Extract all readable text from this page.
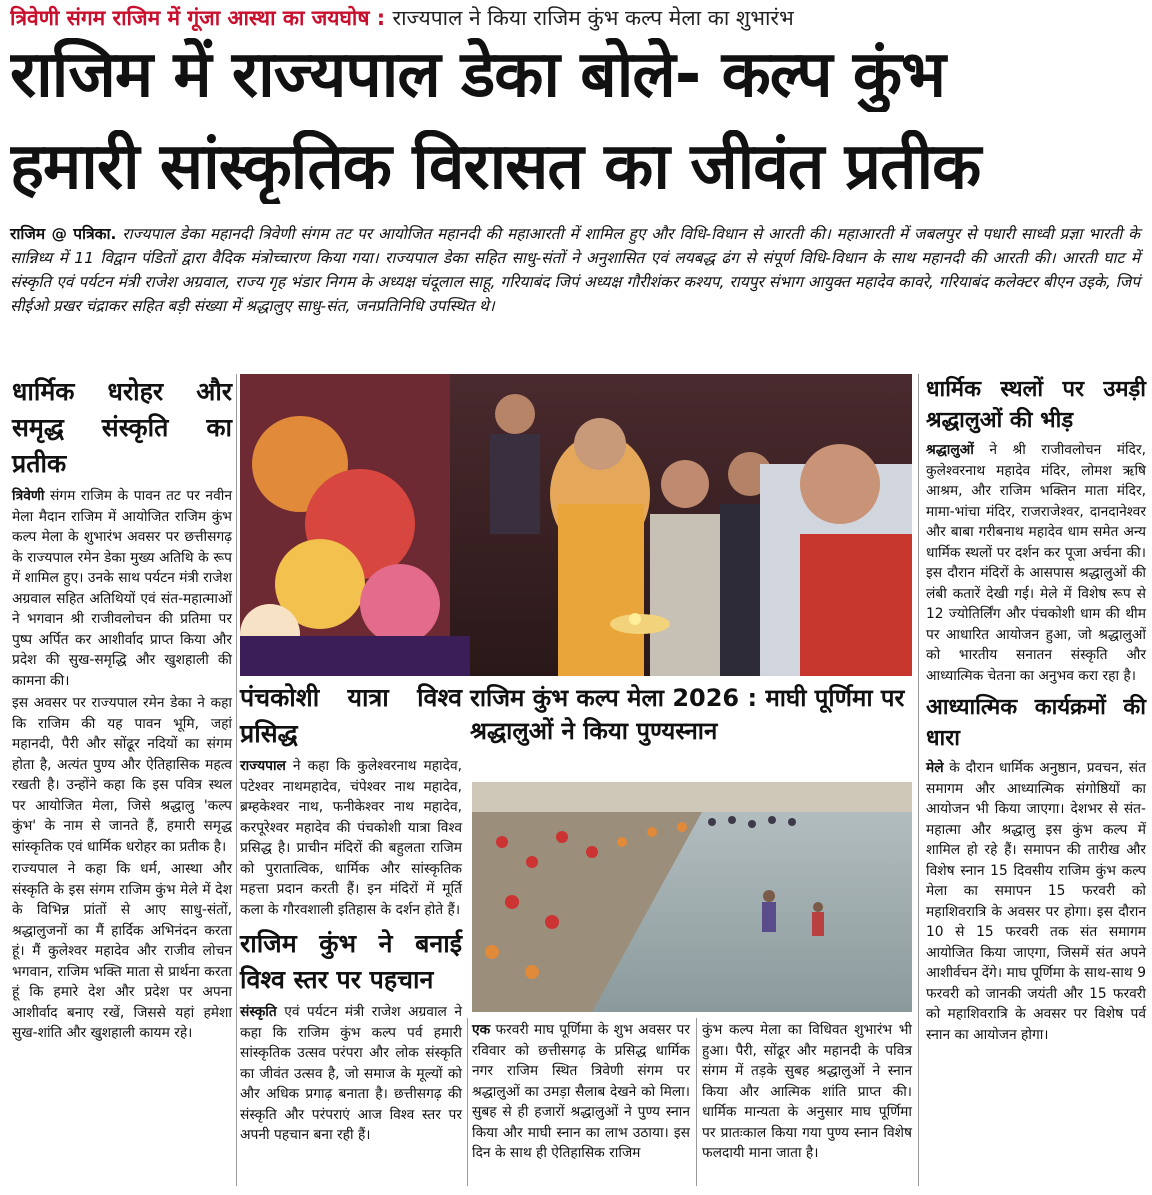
त्रिवेणी संगम राजिम में गूंजा आस्था का जयघोष : राज्यपाल ने किया राजिम कुंभ कल्प मेला का शुभारंभ
राजिम में राज्यपाल डेका बोले- कल्प कुंभ
हमारी सांस्कृतिक विरासत का जीवंत प्रतीक
राजिम @ पत्रिका. राज्यपाल डेका महानदी त्रिवेणी संगम तट पर आयोजित महानदी की महाआरती में शामिल हुए और विधि-विधान से आरती की। महाआरती में जबलपुर से पधारी साध्वी प्रज्ञा भारती के सान्निध्य में 11 विद्वान पंडितों द्वारा वैदिक मंत्रोच्चारण किया गया। राज्यपाल डेका सहित साधु-संतों ने अनुशासित एवं लयबद्ध ढंग से संपूर्ण विधि-विधान के साथ महानदी की आरती की। आरती घाट में संस्कृति एवं पर्यटन मंत्री राजेश अग्रवाल, राज्य गृह भंडार निगम के अध्यक्ष चंदूलाल साहू, गरियाबंद जिपं अध्यक्ष गौरीशंकर कश्यप, रायपुर संभाग आयुक्त महादेव कावरे, गरियाबंद कलेक्टर बीएन उइके, जिपं सीईओ प्रखर चंद्राकर सहित बड़ी संख्या में श्रद्धालुए साधु-संत, जनप्रतिनिधि उपस्थित थे।
धार्मिक धरोहर और समृद्ध संस्कृति का प्रतीक

त्रिवेणी संगम राजिम के पावन तट पर नवीन मेला मैदान राजिम में आयोजित राजिम कुंभ कल्प मेला के शुभारंभ अवसर पर छत्तीसगढ़ के राज्यपाल रमेन डेका मुख्य अतिथि के रूप में शामिल हुए। उनके साथ पर्यटन मंत्री राजेश अग्रवाल सहित अतिथियों एवं संत-महात्माओं ने भगवान श्री राजीवलोचन की प्रतिमा पर पुष्प अर्पित कर आशीर्वाद प्राप्त किया और प्रदेश की सुख-समृद्धि और खुशहाली की कामना की।

इस अवसर पर राज्यपाल रमेन डेका ने कहा कि राजिम की यह पावन भूमि, जहां महानदी, पैरी और सोंढूर नदियों का संगम होता है, अत्यंत पुण्य और ऐतिहासिक महत्व रखती है। उन्होंने कहा कि इस पवित्र स्थल पर आयोजित मेला, जिसे श्रद्धालु 'कल्प कुंभ' के नाम से जानते हैं, हमारी समृद्ध सांस्कृतिक एवं धार्मिक धरोहर का प्रतीक है।

राज्यपाल ने कहा कि धर्म, आस्था और संस्कृति के इस संगम राजिम कुंभ मेले में देश के विभिन्न प्रांतों से आए साधु-संतों, श्रद्धालुजनों का मैं हार्दिक अभिनंदन करता हूं। मैं कुलेश्वर महादेव और राजीव लोचन भगवान, राजिम भक्ति माता से प्रार्थना करता हूं कि हमारे देश और प्रदेश पर अपना आशीर्वाद बनाए रखें, जिससे यहां हमेशा सुख-शांति और खुशहाली कायम रहे।

पंचकोशी यात्रा विश्व प्रसिद्ध

राज्यपाल ने कहा कि कुलेश्वरनाथ महादेव, पटेश्वर नाथमहादेव, चंपेश्वर नाथ महादेव, ब्रम्हकेश्वर नाथ, फनीकेश्वर नाथ महादेव, करपूरेश्वर महादेव की पंचकोशी यात्रा विश्व प्रसिद्ध है। प्राचीन मंदिरों की बहुलता राजिम को पुरातात्विक, धार्मिक और सांस्कृतिक महत्ता प्रदान करती हैं। इन मंदिरों में मूर्ति कला के गौरवशाली इतिहास के दर्शन होते हैं।

राजिम कुंभ ने बनाई विश्व स्तर पर पहचान

संस्कृति एवं पर्यटन मंत्री राजेश अग्रवाल ने कहा कि राजिम कुंभ कल्प पर्व हमारी सांस्कृतिक उत्सव परंपरा और लोक संस्कृति का जीवंत उत्सव है, जो समाज के मूल्यों को और अधिक प्रगाढ़ बनाता है। छत्तीसगढ़ की संस्कृति और परंपराएं आज विश्व स्तर पर अपनी पहचान बना रही हैं।

राजिम कुंभ कल्प मेला 2026 : माघी पूर्णिमा पर श्रद्धालुओं ने किया पुण्यस्नान

एक फरवरी माघ पूर्णिमा के शुभ अवसर पर रविवार को छत्तीसगढ़ के प्रसिद्ध धार्मिक नगर राजिम स्थित त्रिवेणी संगम पर श्रद्धालुओं का उमड़ा सैलाब देखने को मिला। सुबह से ही हजारों श्रद्धालुओं ने पुण्य स्नान किया और माघी स्नान का लाभ उठाया। इस दिन के साथ ही ऐतिहासिक राजिम

कुंभ कल्प मेला का विधिवत शुभारंभ भी हुआ। पैरी, सोंढूर और महानदी के पवित्र संगम में तड़के सुबह श्रद्धालुओं ने स्नान किया और आत्मिक शांति प्राप्त की। धार्मिक मान्यता के अनुसार माघ पूर्णिमा पर प्रातःकाल किया गया पुण्य स्नान विशेष फलदायी माना जाता है।

धार्मिक स्थलों पर उमड़ी श्रद्धालुओं की भीड़

श्रद्धालुओं ने श्री राजीवलोचन मंदिर, कुलेश्वरनाथ महादेव मंदिर, लोमश ऋषि आश्रम, और राजिम भक्तिन माता मंदिर, मामा-भांचा मंदिर, राजराजेश्वर, दानदानेश्वर और बाबा गरीबनाथ महादेव धाम समेत अन्य धार्मिक स्थलों पर दर्शन कर पूजा अर्चना की। इस दौरान मंदिरों के आसपास श्रद्धालुओं की लंबी कतारें देखी गई। मेले में विशेष रूप से 12 ज्योतिर्लिंग और पंचकोशी धाम की थीम पर आधारित आयोजन हुआ, जो श्रद्धालुओं को भारतीय सनातन संस्कृति और आध्यात्मिक चेतना का अनुभव करा रहा है।

आध्यात्मिक कार्यक्रमों की धारा

मेले के दौरान धार्मिक अनुष्ठान, प्रवचन, संत समागम और आध्यात्मिक संगोष्ठियों का आयोजन भी किया जाएगा। देशभर से संत-महात्मा और श्रद्धालु इस कुंभ कल्प में शामिल हो रहे हैं। समापन की तारीख और विशेष स्नान 15 दिवसीय राजिम कुंभ कल्प मेला का समापन 15 फरवरी को महाशिवरात्रि के अवसर पर होगा। इस दौरान 10 से 15 फरवरी तक संत समागम आयोजित किया जाएगा, जिसमें संत अपने आशीर्वचन देंगे। माघ पूर्णिमा के साथ-साथ 9 फरवरी को जानकी जयंती और 15 फरवरी को महाशिवरात्रि के अवसर पर विशेष पर्व स्नान का आयोजन होगा।
